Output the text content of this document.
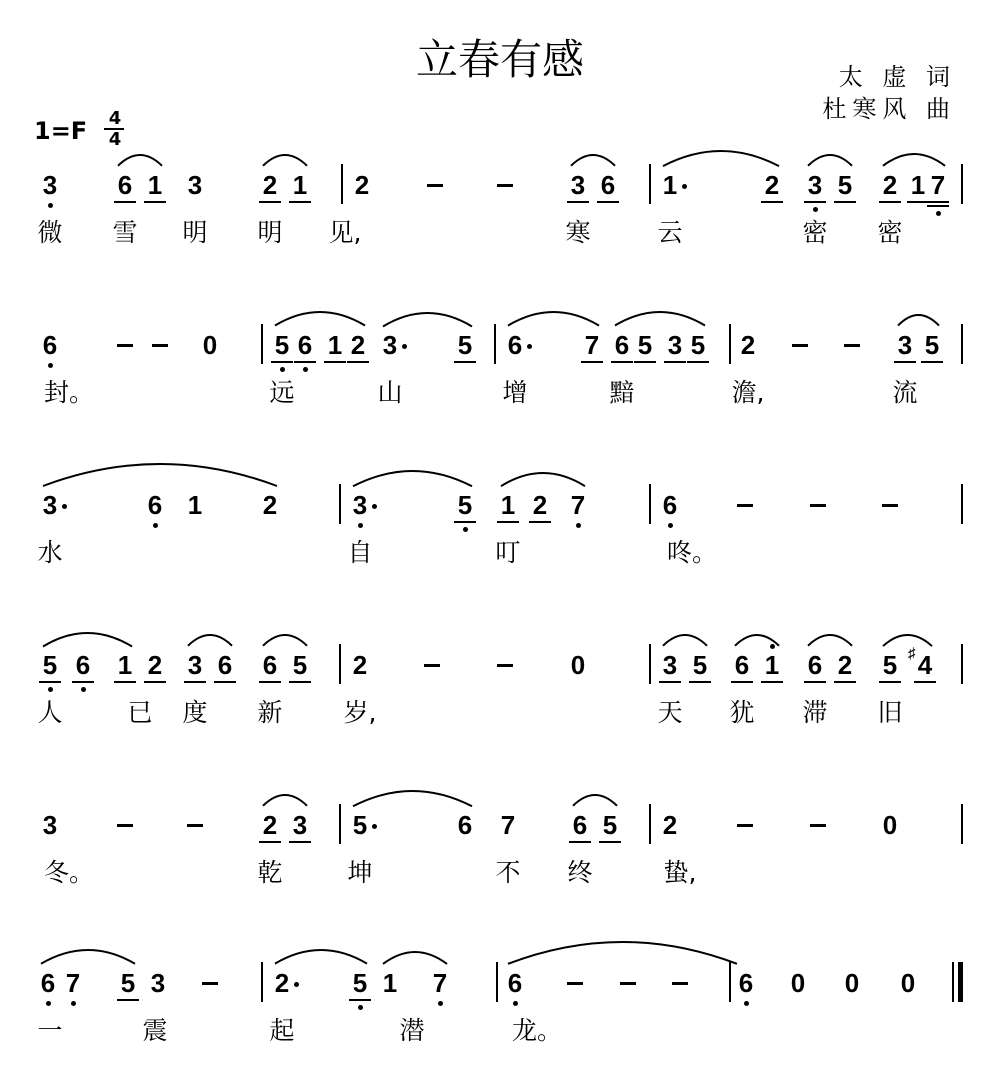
立春有感	太 虚 词
杜寒风 曲
1=F 4
4
3 6 1 3 2 1 2	3 6 1	2 3 5 2 1 7
微 雪 明 明 见,	寒	云	密 密
6	0 5 6 1 2 3 5 6 7 6 5 3 5 2	3 5
封。	远	山	增	黯	澹,	流
3	6 1 2	3	5 1 2 7	6
水	自	叮	咚。
5 6 1 2 3 6 6 5 2	0	3 5 6 1 6 2 5 4
♯
人	已 度 新 岁,	天 犹 滞 旧
3	2 3 5	6 7 6 5 2	0
冬。	乾	坤	不 终	蛰,
6 7 5 3	2 5 1 7 6	6 0 0 0
一	震	起	潜	龙。
